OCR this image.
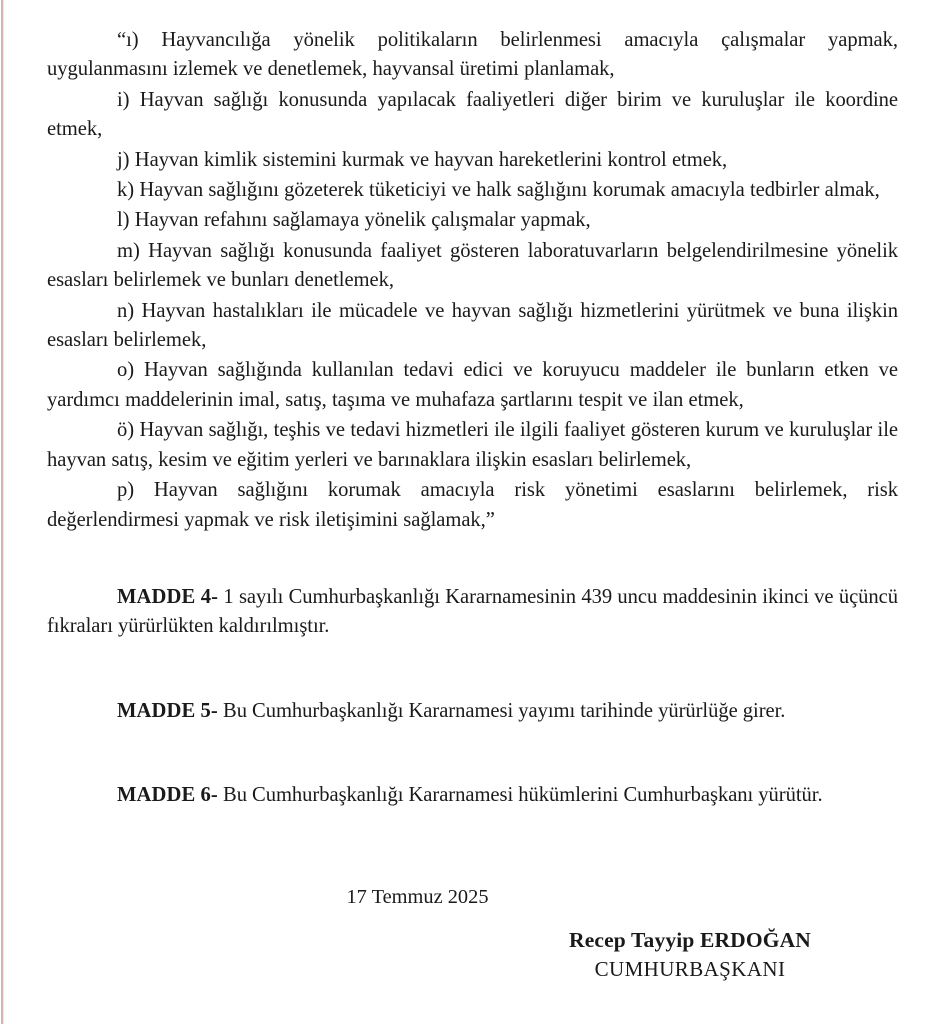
“ı) Hayvancılığa yönelik politikaların belirlenmesi amacıyla çalışmalar yapmak, uygulanmasını izlemek ve denetlemek, hayvansal üretimi planlamak,

i) Hayvan sağlığı konusunda yapılacak faaliyetleri diğer birim ve kuruluşlar ile koordine etmek,

j) Hayvan kimlik sistemini kurmak ve hayvan hareketlerini kontrol etmek,

k) Hayvan sağlığını gözeterek tüketiciyi ve halk sağlığını korumak amacıyla tedbirler almak,

l) Hayvan refahını sağlamaya yönelik çalışmalar yapmak,

m) Hayvan sağlığı konusunda faaliyet gösteren laboratuvarların belgelendirilmesine yönelik esasları belirlemek ve bunları denetlemek,

n) Hayvan hastalıkları ile mücadele ve hayvan sağlığı hizmetlerini yürütmek ve buna ilişkin esasları belirlemek,

o) Hayvan sağlığında kullanılan tedavi edici ve koruyucu maddeler ile bunların etken ve yardımcı maddelerinin imal, satış, taşıma ve muhafaza şartlarını tespit ve ilan etmek,

ö) Hayvan sağlığı, teşhis ve tedavi hizmetleri ile ilgili faaliyet gösteren kurum ve kuruluşlar ile hayvan satış, kesim ve eğitim yerleri ve barınaklara ilişkin esasları belirlemek,

p) Hayvan sağlığını korumak amacıyla risk yönetimi esaslarını belirlemek, risk değerlendirmesi yapmak ve risk iletişimini sağlamak,”

MADDE 4- 1 sayılı Cumhurbaşkanlığı Kararnamesinin 439 uncu maddesinin ikinci ve üçüncü fıkraları yürürlükten kaldırılmıştır.

MADDE 5- Bu Cumhurbaşkanlığı Kararnamesi yayımı tarihinde yürürlüğe girer.

MADDE 6- Bu Cumhurbaşkanlığı Kararnamesi hükümlerini Cumhurbaşkanı yürütür.

17 Temmuz 2025

Recep Tayyip ERDOĞAN
CUMHURBAŞKANI
